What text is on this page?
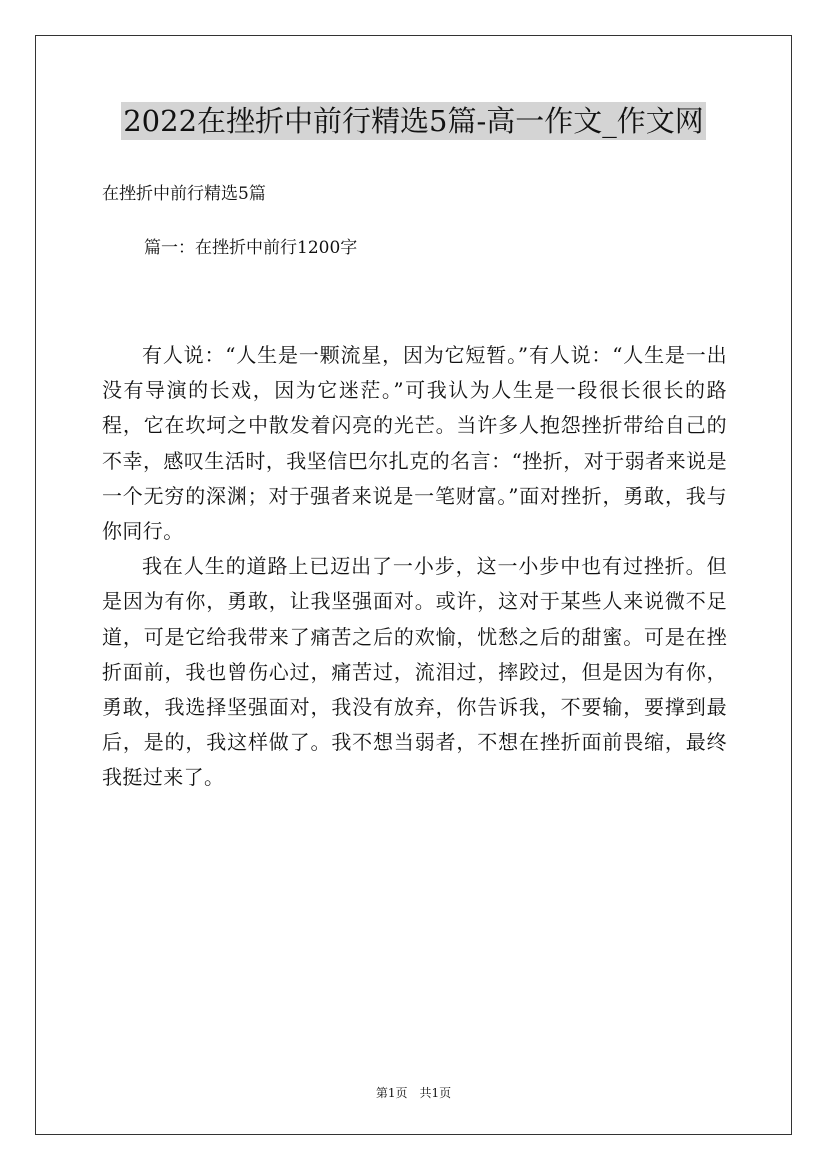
2022在挫折中前行精选5篇-高一作文_作文网
在挫折中前行精选5篇
篇一：在挫折中前行1200字

有人说：“人生是一颗流星，因为它短暂。”有人说：“人生是一出没有导演的长戏，因为它迷茫。”可我认为人生是一段很长很长的路程，它在坎坷之中散发着闪亮的光芒。当许多人抱怨挫折带给自己的不幸，感叹生活时，我坚信巴尔扎克的名言：“挫折，对于弱者来说是一个无穷的深渊；对于强者来说是一笔财富。”面对挫折，勇敢，我与你同行。

我在人生的道路上已迈出了一小步，这一小步中也有过挫折。但是因为有你，勇敢，让我坚强面对。或许，这对于某些人来说微不足道，可是它给我带来了痛苦之后的欢愉，忧愁之后的甜蜜。可是在挫折面前，我也曾伤心过，痛苦过，流泪过，摔跤过，但是因为有你，勇敢，我选择坚强面对，我没有放弃，你告诉我，不要输，要撑到最后，是的，我这样做了。我不想当弱者，不想在挫折面前畏缩，最终我挺过来了。

第1页　共1页
